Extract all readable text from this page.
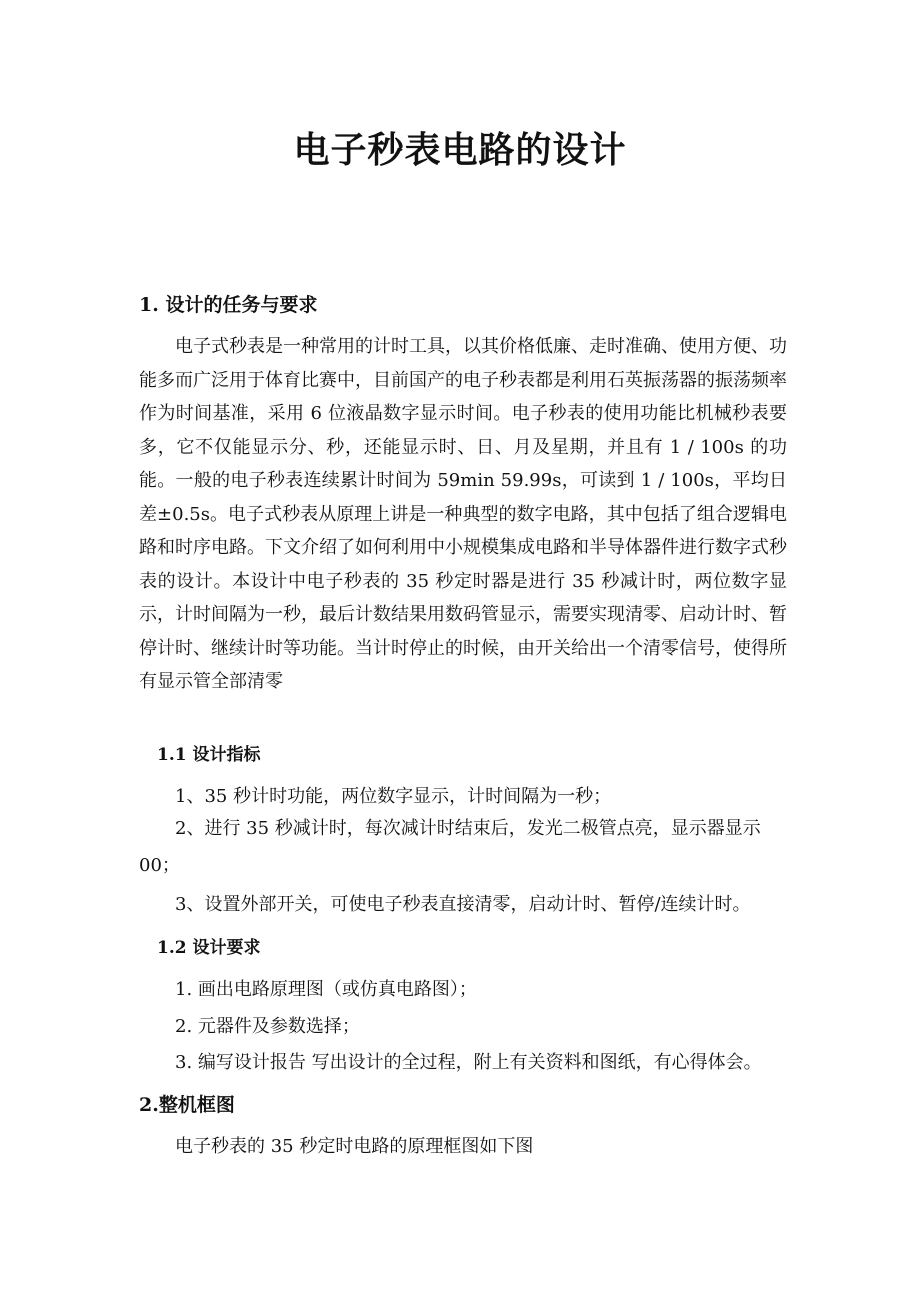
电子秒表电路的设计
1. 设计的任务与要求

电子式秒表是一种常用的计时工具，以其价格低廉、走时准确、使用方便、功能多而广泛用于体育比赛中，目前国产的电子秒表都是利用石英振荡器的振荡频率作为时间基准，采用 6 位液晶数字显示时间。电子秒表的使用功能比机械秒表要多，它不仅能显示分、秒，还能显示时、日、月及星期，并且有 1 / 100s 的功能。一般的电子秒表连续累计时间为 59min 59.99s，可读到 1 / 100s，平均日差±0.5s。电子式秒表从原理上讲是一种典型的数字电路，其中包括了组合逻辑电路和时序电路。下文介绍了如何利用中小规模集成电路和半导体器件进行数字式秒表的设计。本设计中电子秒表的 35 秒定时器是进行 35 秒减计时，两位数字显示，计时间隔为一秒，最后计数结果用数码管显示，需要实现清零、启动计时、暂停计时、继续计时等功能。当计时停止的时候，由开关给出一个清零信号，使得所有显示管全部清零

1.1 设计指标

1、35 秒计时功能，两位数字显示，计时间隔为一秒；

2、进行 35 秒减计时，每次减计时结束后，发光二极管点亮，显示器显示 00；

3、设置外部开关，可使电子秒表直接清零，启动计时、暂停/连续计时。

1.2 设计要求

1. 画出电路原理图（或仿真电路图）；

2. 元器件及参数选择；

3. 编写设计报告 写出设计的全过程，附上有关资料和图纸，有心得体会。

2.整机框图

电子秒表的 35 秒定时电路的原理框图如下图
